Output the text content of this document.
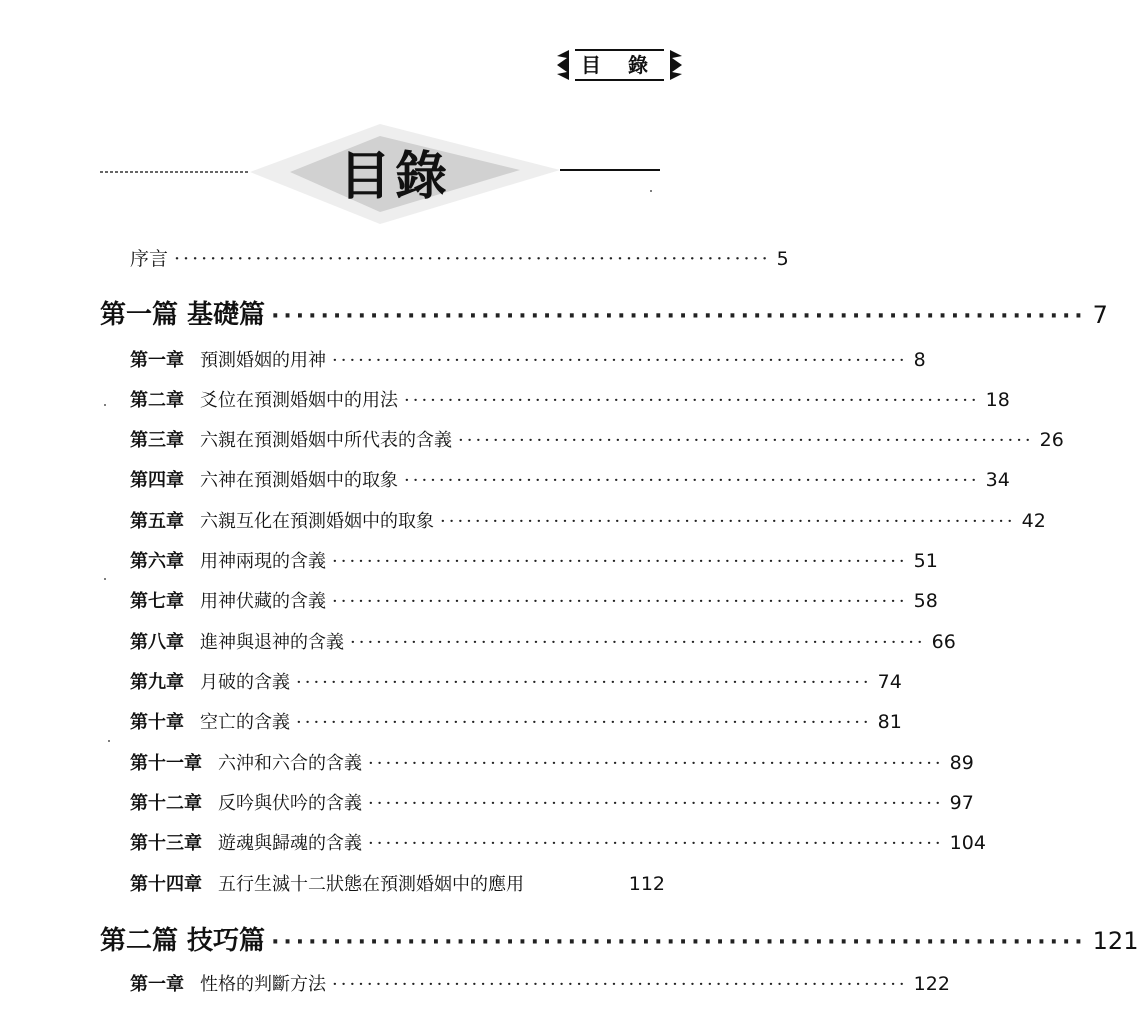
目 錄
目錄
序言 ·································································· 5
第一篇 基礎篇 ·································································· 7
第一章 預測婚姻的用神 ·································································· 8
第二章 爻位在預測婚姻中的用法 ·································································· 18
第三章 六親在預測婚姻中所代表的含義 ·································································· 26
第四章 六神在預測婚姻中的取象 ·································································· 34
第五章 六親互化在預測婚姻中的取象 ·································································· 42
第六章 用神兩現的含義 ·································································· 51
第七章 用神伏藏的含義 ·································································· 58
第八章 進神與退神的含義 ·································································· 66
第九章 月破的含義 ·································································· 74
第十章 空亡的含義 ·································································· 81
第十一章 六沖和六合的含義 ·································································· 89
第十二章 反吟與伏吟的含義 ·································································· 97
第十三章 遊魂與歸魂的含義 ·································································· 104
第十四章 五行生滅十二狀態在預測婚姻中的應用	112
第二篇 技巧篇 ·································································· 121
第一章 性格的判斷方法 ·································································· 122
